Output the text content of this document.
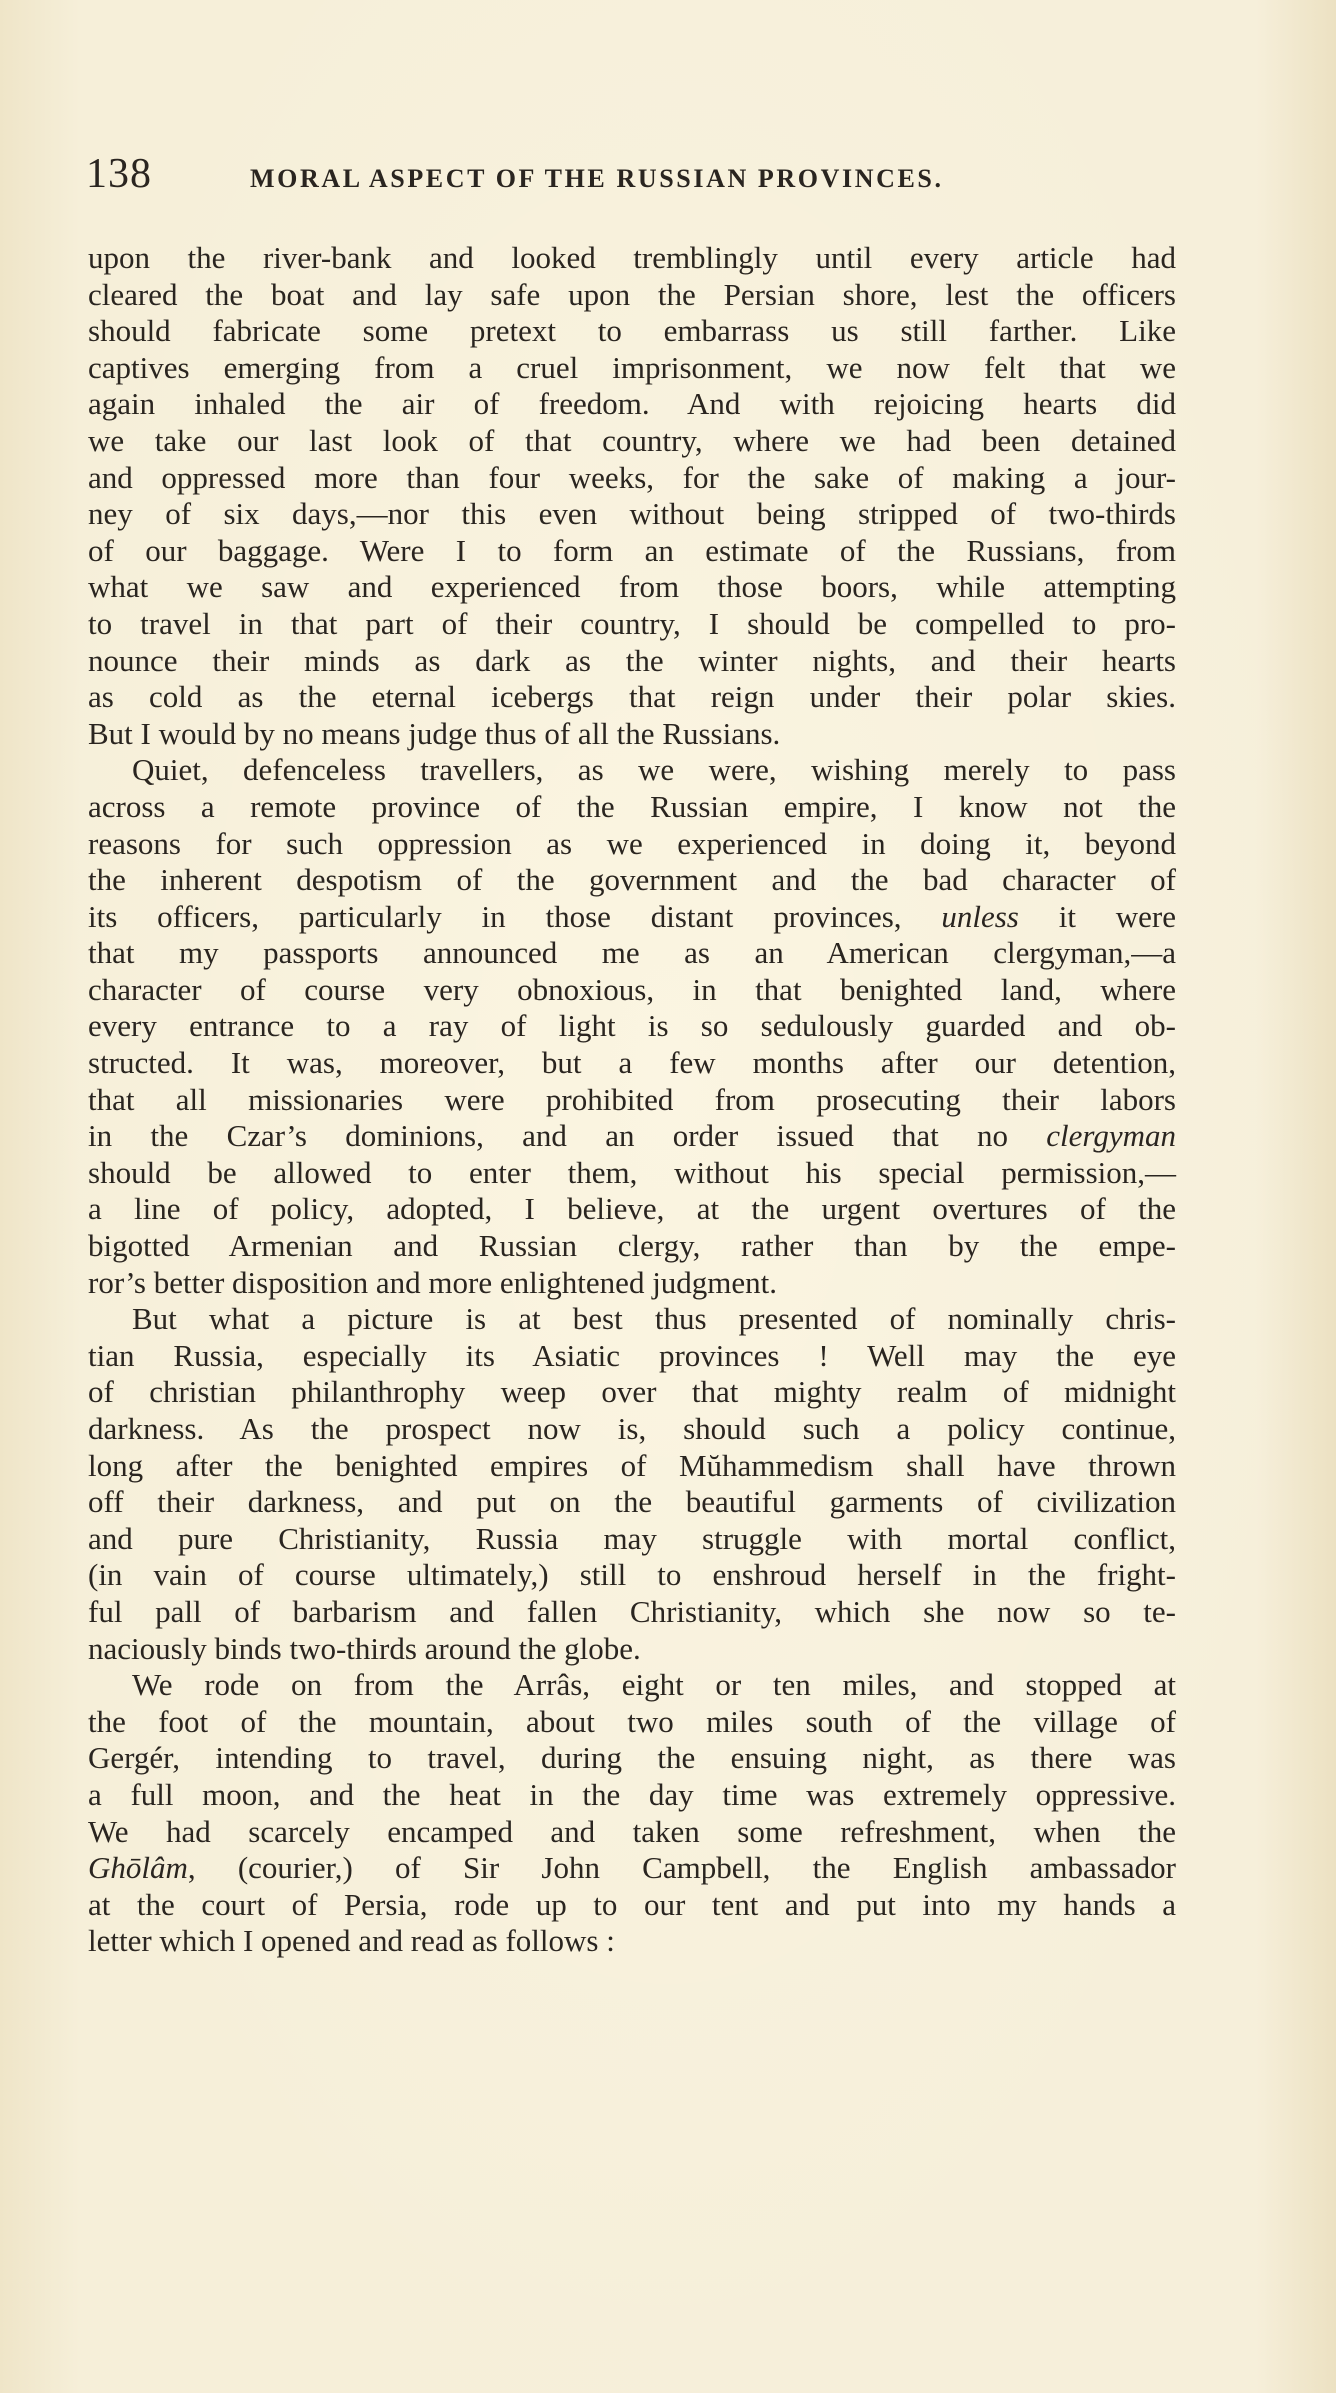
138	MORAL ASPECT OF THE RUSSIAN PROVINCES.
upon the river-bank and looked tremblingly until every article had
cleared the boat and lay safe upon the Persian shore, lest the officers
should fabricate some pretext to embarrass us still farther. Like
captives emerging from a cruel imprisonment, we now felt that we
again inhaled the air of freedom. And with rejoicing hearts did
we take our last look of that country, where we had been detained
and oppressed more than four weeks, for the sake of making a jour-
ney of six days,—nor this even without being stripped of two-thirds
of our baggage. Were I to form an estimate of the Russians, from
what we saw and experienced from those boors, while attempting
to travel in that part of their country, I should be compelled to pro-
nounce their minds as dark as the winter nights, and their hearts
as cold as the eternal icebergs that reign under their polar skies.
But I would by no means judge thus of all the Russians.
Quiet, defenceless travellers, as we were, wishing merely to pass
across a remote province of the Russian empire, I know not the
reasons for such oppression as we experienced in doing it, beyond
the inherent despotism of the government and the bad character of
its officers, particularly in those distant provinces, unless it were
that my passports announced me as an American clergyman,—a
character of course very obnoxious, in that benighted land, where
every entrance to a ray of light is so sedulously guarded and ob-
structed. It was, moreover, but a few months after our detention,
that all missionaries were prohibited from prosecuting their labors
in the Czar’s dominions, and an order issued that no clergyman
should be allowed to enter them, without his special permission,—
a line of policy, adopted, I believe, at the urgent overtures of the
bigotted Armenian and Russian clergy, rather than by the empe-
ror’s better disposition and more enlightened judgment.
But what a picture is at best thus presented of nominally chris-
tian Russia, especially its Asiatic provinces ! Well may the eye
of christian philanthrophy weep over that mighty realm of midnight
darkness. As the prospect now is, should such a policy continue,
long after the benighted empires of Mŭhammedism shall have thrown
off their darkness, and put on the beautiful garments of civilization
and pure Christianity, Russia may struggle with mortal conflict,
(in vain of course ultimately,) still to enshroud herself in the fright-
ful pall of barbarism and fallen Christianity, which she now so te-
naciously binds two-thirds around the globe.
We rode on from the Arrâs, eight or ten miles, and stopped at
the foot of the mountain, about two miles south of the village of
Gergér, intending to travel, during the ensuing night, as there was
a full moon, and the heat in the day time was extremely oppressive.
We had scarcely encamped and taken some refreshment, when the
Ghōlâm, (courier,) of Sir John Campbell, the English ambassador
at the court of Persia, rode up to our tent and put into my hands a
letter which I opened and read as follows :
